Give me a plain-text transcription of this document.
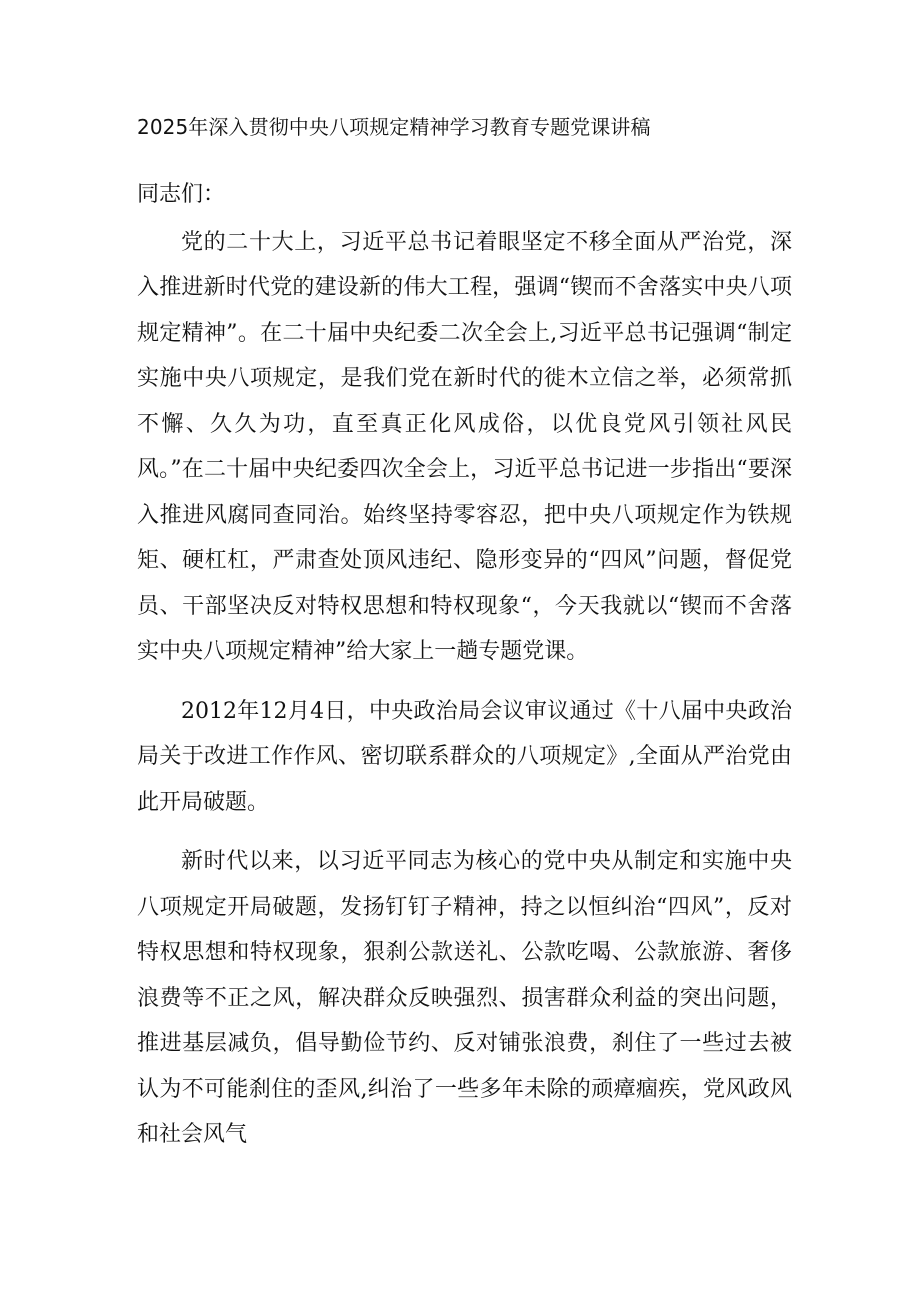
2025年深入贯彻中央八项规定精神学习教育专题党课讲稿

同志们：

党的二十大上，习近平总书记着眼坚定不移全面从严治党，深入推进新时代党的建设新的伟大工程，强调“锲而不舍落实中央八项规定精神”。在二十届中央纪委二次全会上,习近平总书记强调“制定实施中央八项规定，是我们党在新时代的徙木立信之举，必须常抓不懈、久久为功，直至真正化风成俗，以优良党风引领社风民风。”在二十届中央纪委四次全会上，习近平总书记进一步指出“要深入推进风腐同查同治。始终坚持零容忍，把中央八项规定作为铁规矩、硬杠杠，严肃查处顶风违纪、隐形变异的“四风”问题，督促党员、干部坚决反对特权思想和特权现象“，今天我就以“锲而不舍落实中央八项规定精神”给大家上一趟专题党课。

2012年12月4日，中央政治局会议审议通过《十八届中央政治局关于改进工作作风、密切联系群众的八项规定》,全面从严治党由此开局破题。

新时代以来，以习近平同志为核心的党中央从制定和实施中央八项规定开局破题，发扬钉钉子精神，持之以恒纠治“四风”，反对特权思想和特权现象，狠刹公款送礼、公款吃喝、公款旅游、奢侈浪费等不正之风，解决群众反映强烈、损害群众利益的突出问题，推进基层减负，倡导勤俭节约、反对铺张浪费，刹住了一些过去被认为不可能刹住的歪风,纠治了一些多年未除的顽瘴痼疾，党风政风和社会风气
